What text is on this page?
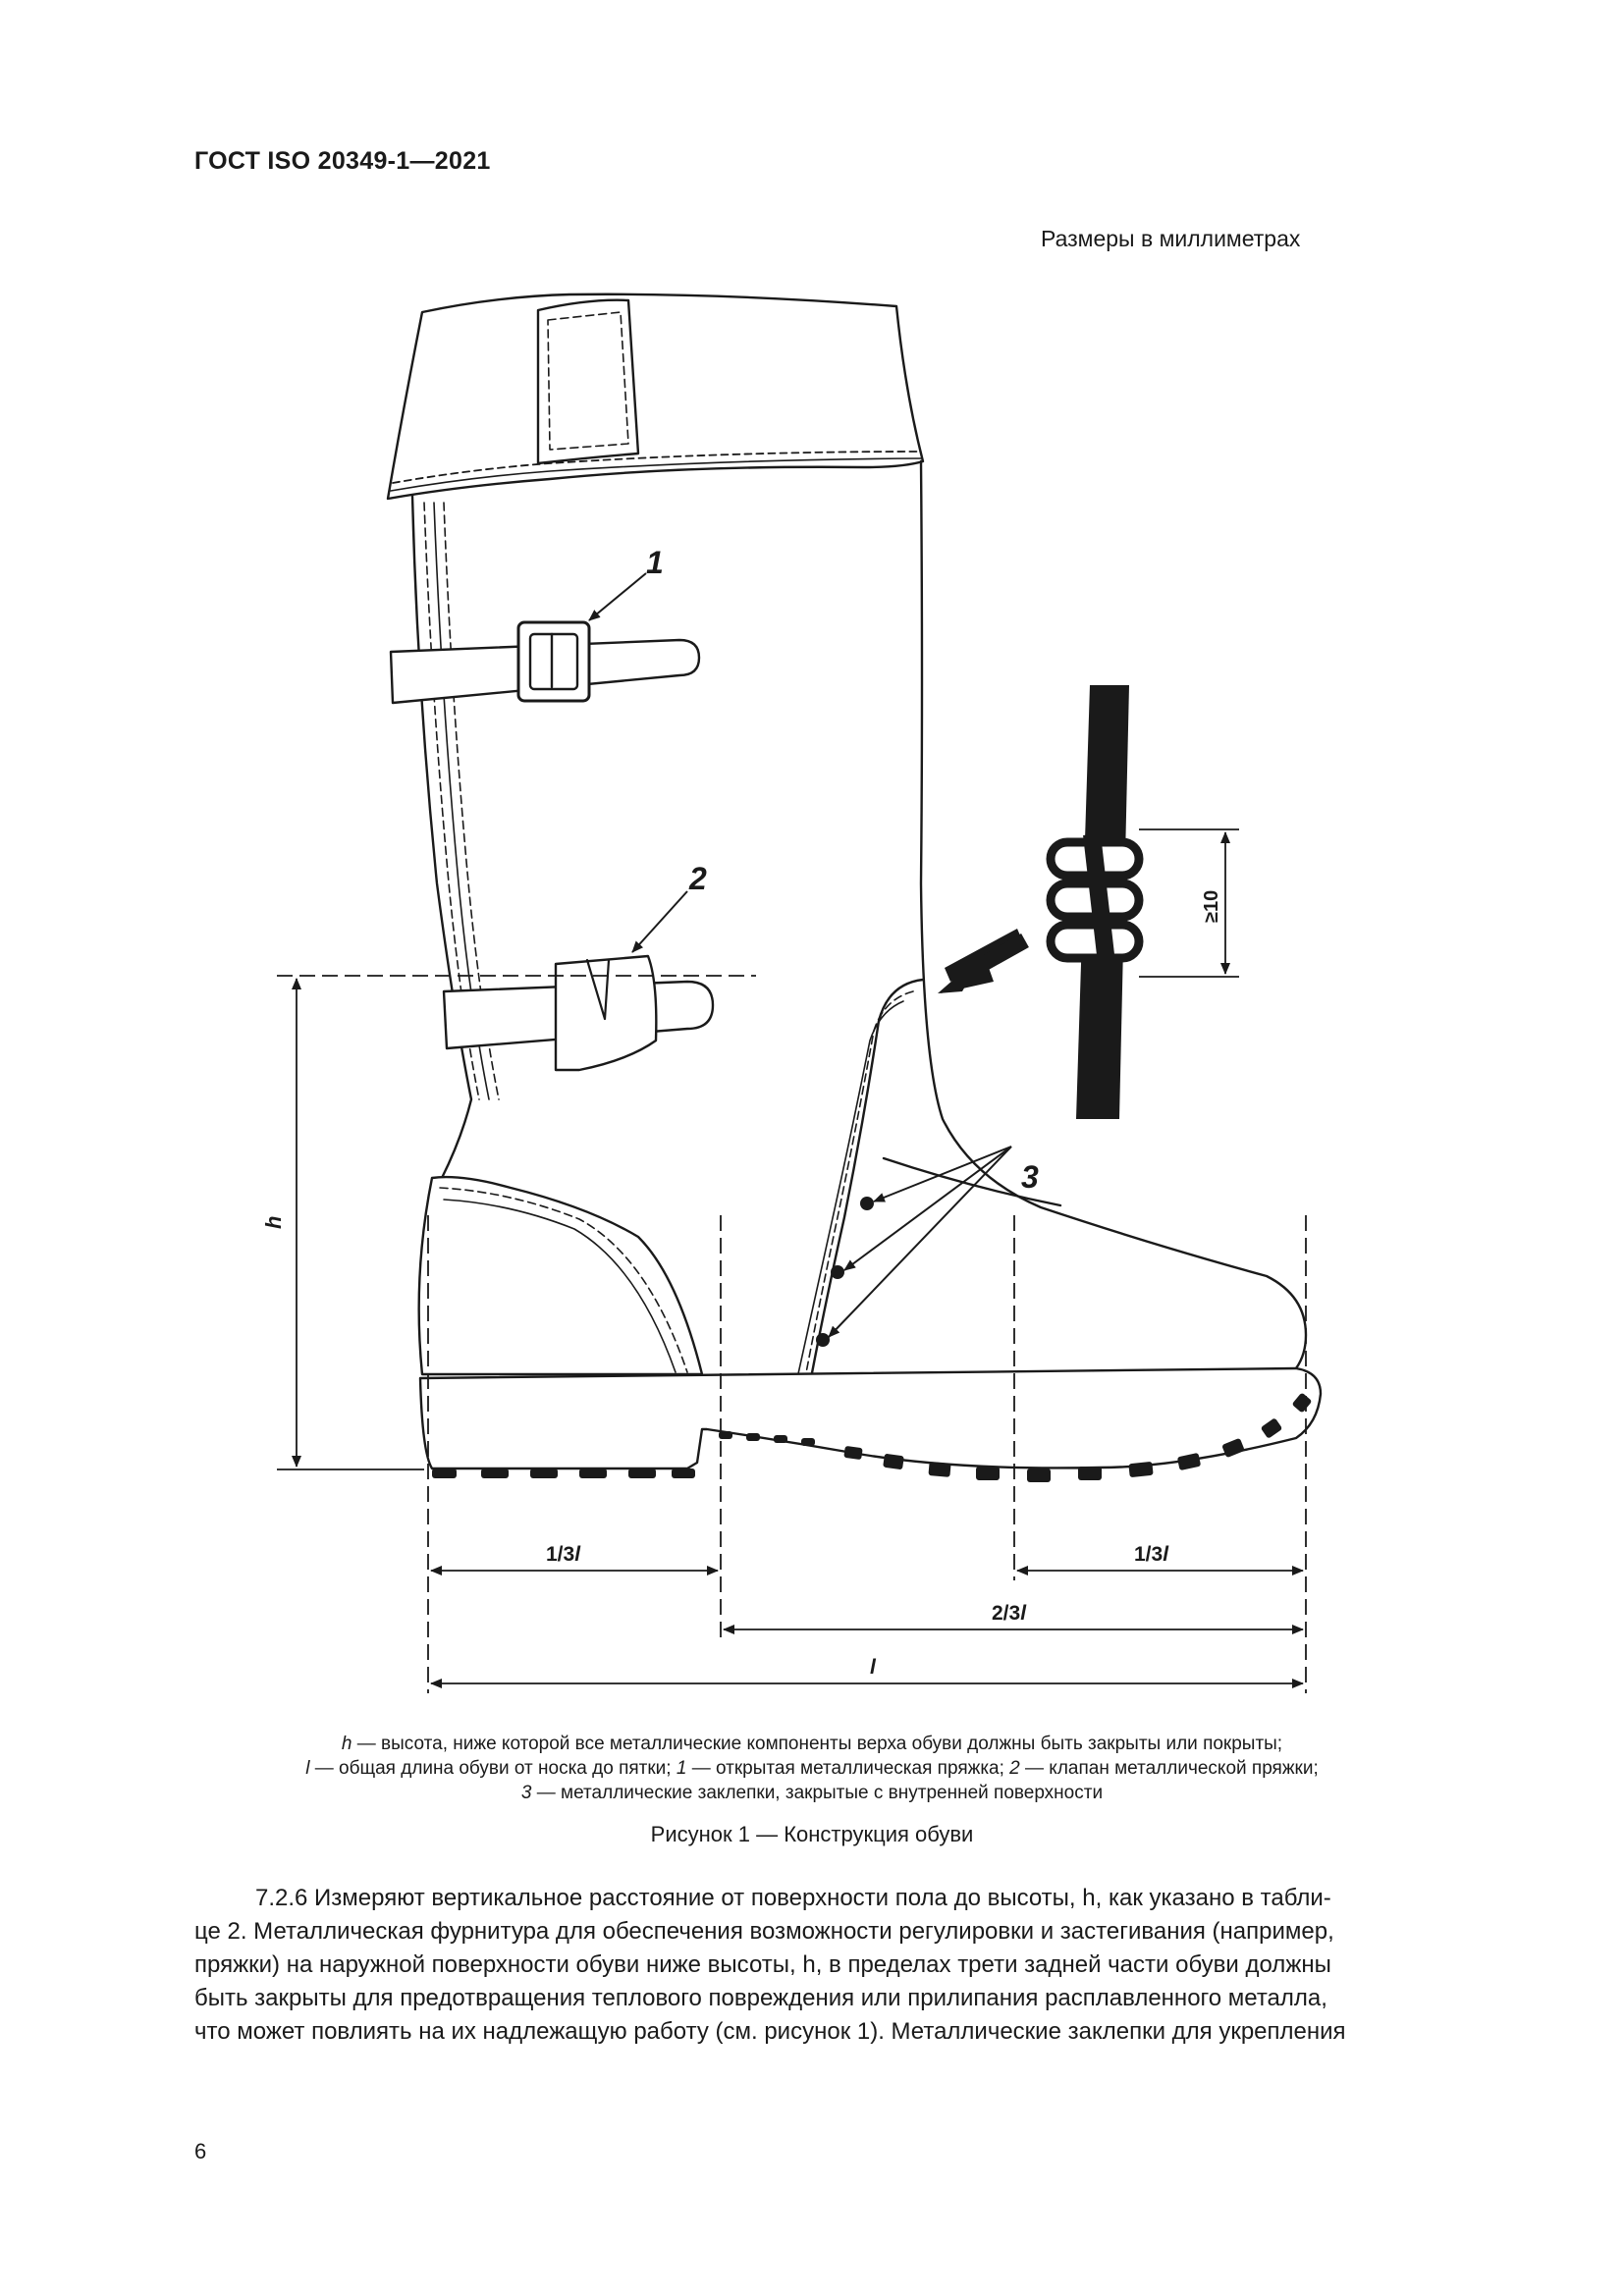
ГОСТ ISO 20349-1—2021
Размеры в миллиметрах
1
2
3
≥10
h
1/3l	1/3l
2/3l
l
h — высота, ниже которой все металлические компоненты верха обуви должны быть закрыты или покрыты;
l — общая длина обуви от носка до пятки; 1 — открытая металлическая пряжка; 2 — клапан металлической пряжки;
3 — металлические заклепки, закрытые с внутренней поверхности
Рисунок 1 — Конструкция обуви
7.2.6 Измеряют вертикальное расстояние от поверхности пола до высоты, h, как указано в табли-
це 2. Металлическая фурнитура для обеспечения возможности регулировки и застегивания (например,
пряжки) на наружной поверхности обуви ниже высоты, h, в пределах трети задней части обуви должны
быть закрыты для предотвращения теплового повреждения или прилипания расплавленного металла,
что может повлиять на их надлежащую работу (см. рисунок 1). Металлические заклепки для укрепления
6
